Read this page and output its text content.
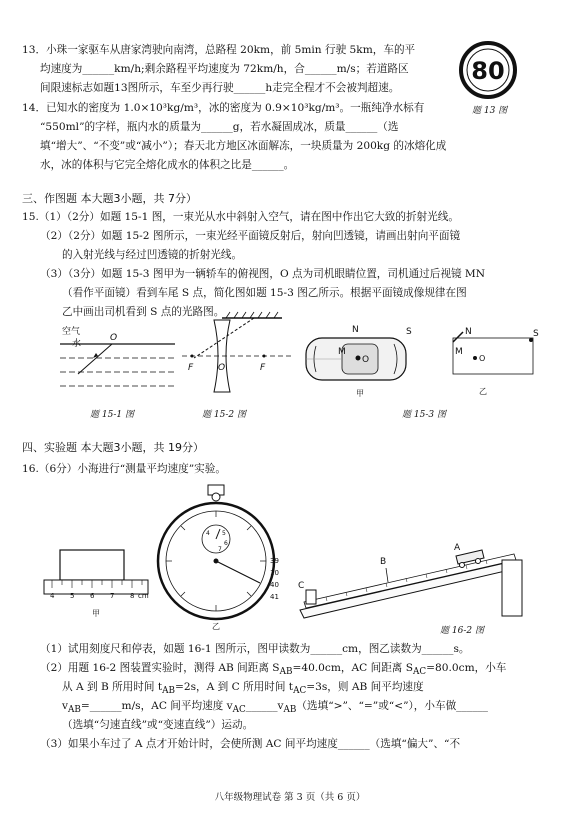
13．小珠一家驱车从唐家湾驶向南湾，总路程 20km，前 5min 行驶 5km，车的平
均速度为______km/h;剩余路程平均速度为 72km/h，合______m/s；若道路区
间限速标志如题13图所示，车至少再行驶______h走完全程才不会被判超速。
80
题 13 图
14．已知水的密度为 1.0×10³kg/m³，冰的密度为 0.9×10³kg/m³。一瓶纯净水标有
“550ml”的字样，瓶内水的质量为______g，若水凝固成冰，质量______（选
填“增大”、“不变”或“减小”）；春天北方地区冰面解冻，一块质量为 200kg 的冰熔化成
水，冰的体积与它完全熔化成水的体积之比是______。
三、作图题 本大题3小题，共 7分）
15.（1）（2分）如题 15-1 图，一束光从水中斜射入空气，请在图中作出它大致的折射光线。
（2）（2分）如题 15-2 图所示，一束光经平面镜反射后，射向凹透镜，请画出射向平面镜
的入射光线与经过凹透镜的折射光线。
（3）（3分）如题 15-3 图甲为一辆轿车的俯视图，O 点为司机眼睛位置，司机通过后视镜 MN
（看作平面镜）看到车尾 S 点，简化图如题 15-3 图乙所示。根据平面镜成像规律在图
乙中画出司机看到 S 点的光路图。
空气
水
O
题 15-1 图
F	O	F
题 15-2 图
N
M
O
S
甲
N
M
O
S
乙
题 15-3 图
四、实验题 本大题3小题，共 19分）
16.（6分）小海进行“测量平均速度”实验。
4 5 6 7 8 cm
甲
4 5
6
7
39
10
40
41
乙
C
B
A
题 16-2 图
（1）试用刻度尺和停表，如题 16-1 图所示，图甲读数为______cm，图乙读数为______s。
（2）用题 16-2 图装置实验时，测得 AB 间距离 $S_{AB}=40.0cm$，AC 间距离 $S_{AC}=80.0cm$，小车
从 A 到 B 所用时间 $t_{AB}=2s$，A 到 C 所用时间 $t_{AC}=3s$，则 AB 间平均速度
$v_{AB}=\_\_\_\_\_\_m/s$，AC 间平均速度 $v_{AC}\_\_\_\_\_\_v_{AB}$（选填“>”、“=”或“<”），小车做______
（选填“匀速直线”或“变速直线”）运动。
（3）如果小车过了 A 点才开始计时，会使所测 AC 间平均速度______（选填“偏大”、“不
八年级物理试卷 第 3 页（共 6 页）
